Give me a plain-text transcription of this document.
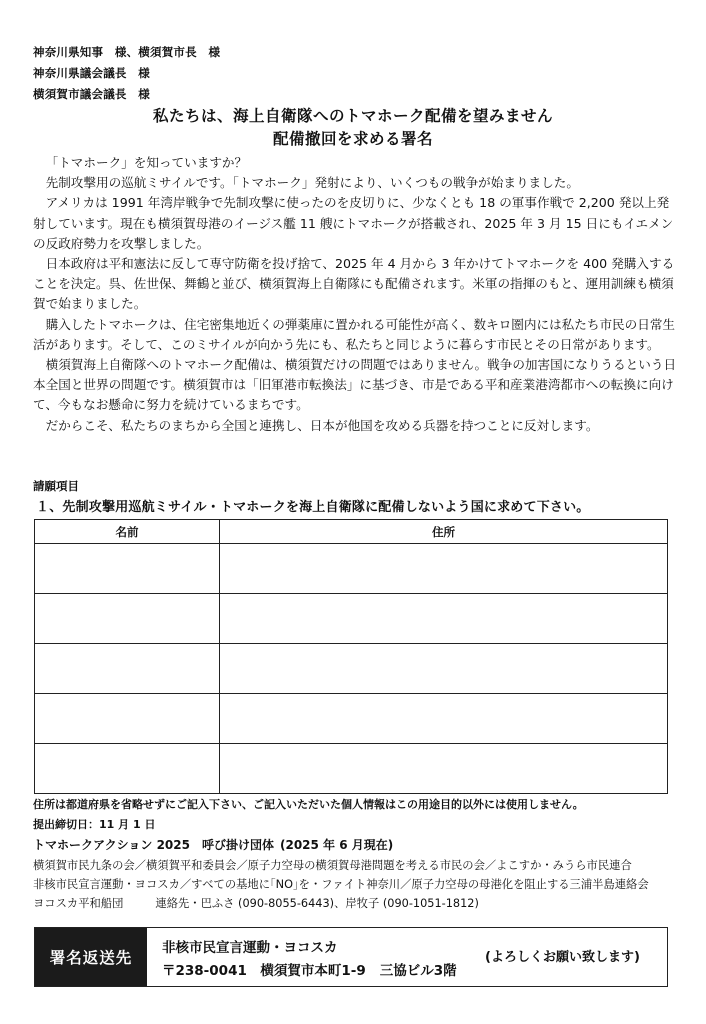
神奈川県知事　様、横須賀市長　様
神奈川県議会議長　様
横須賀市議会議長　様
私たちは、海上自衛隊へのトマホーク配備を望みません
配備撤回を求める署名

「トマホーク」を知っていますか？

先制攻撃用の巡航ミサイルです。「トマホーク」発射により、いくつもの戦争が始まりました。

アメリカは 1991 年湾岸戦争で先制攻撃に使ったのを皮切りに、少なくとも 18 の軍事作戦で 2,200 発以上発射しています。現在も横須賀母港のイージス艦 11 艘にトマホークが搭載され、2025 年 3 月 15 日にもイエメンの反政府勢力を攻撃しました。

日本政府は平和憲法に反して専守防衛を投げ捨て、2025 年 4 月から 3 年かけてトマホークを 400 発購入することを決定。呉、佐世保、舞鶴と並び、横須賀海上自衛隊にも配備されます。米軍の指揮のもと、運用訓練も横須賀で始まりました。

購入したトマホークは、住宅密集地近くの弾薬庫に置かれる可能性が高く、数キロ圏内には私たち市民の日常生活があります。そして、このミサイルが向かう先にも、私たちと同じように暮らす市民とその日常があります。

横須賀海上自衛隊へのトマホーク配備は、横須賀だけの問題ではありません。戦争の加害国になりうるという日本全国と世界の問題です。横須賀市は「旧軍港市転換法」に基づき、市是である平和産業港湾都市への転換に向けて、今もなお懸命に努力を続けているまちです。

だからこそ、私たちのまちから全国と連携し、日本が他国を攻める兵器を持つことに反対します。

請願項目
１、先制攻撃用巡航ミサイル・トマホークを海上自衛隊に配備しないよう国に求めて下さい。
名前	住所

住所は都道府県を省略せずにご記入下さい、ご記入いただいた個人情報はこの用途目的以外には使用しません。
提出締切日：11 月 1 日
トマホークアクション 2025　呼び掛け団体 (2025 年 6 月現在)
横須賀市民九条の会／横須賀平和委員会／原子力空母の横須賀母港問題を考える市民の会／よこすか・みうら市民連合
非核市民宣言運動・ヨコスカ／すべての基地に｢NO｣を・ファイト神奈川／原子力空母の母港化を阻止する三浦半島連絡会
ヨコスカ平和船団	連絡先・巴ふさ (090-8055-6443)、岸牧子 (090-1051-1812)
署名返送先
非核市民宣言運動・ヨコスカ
〒238-0041　横須賀市本町1-9 三協ビル3階
(よろしくお願い致します)
